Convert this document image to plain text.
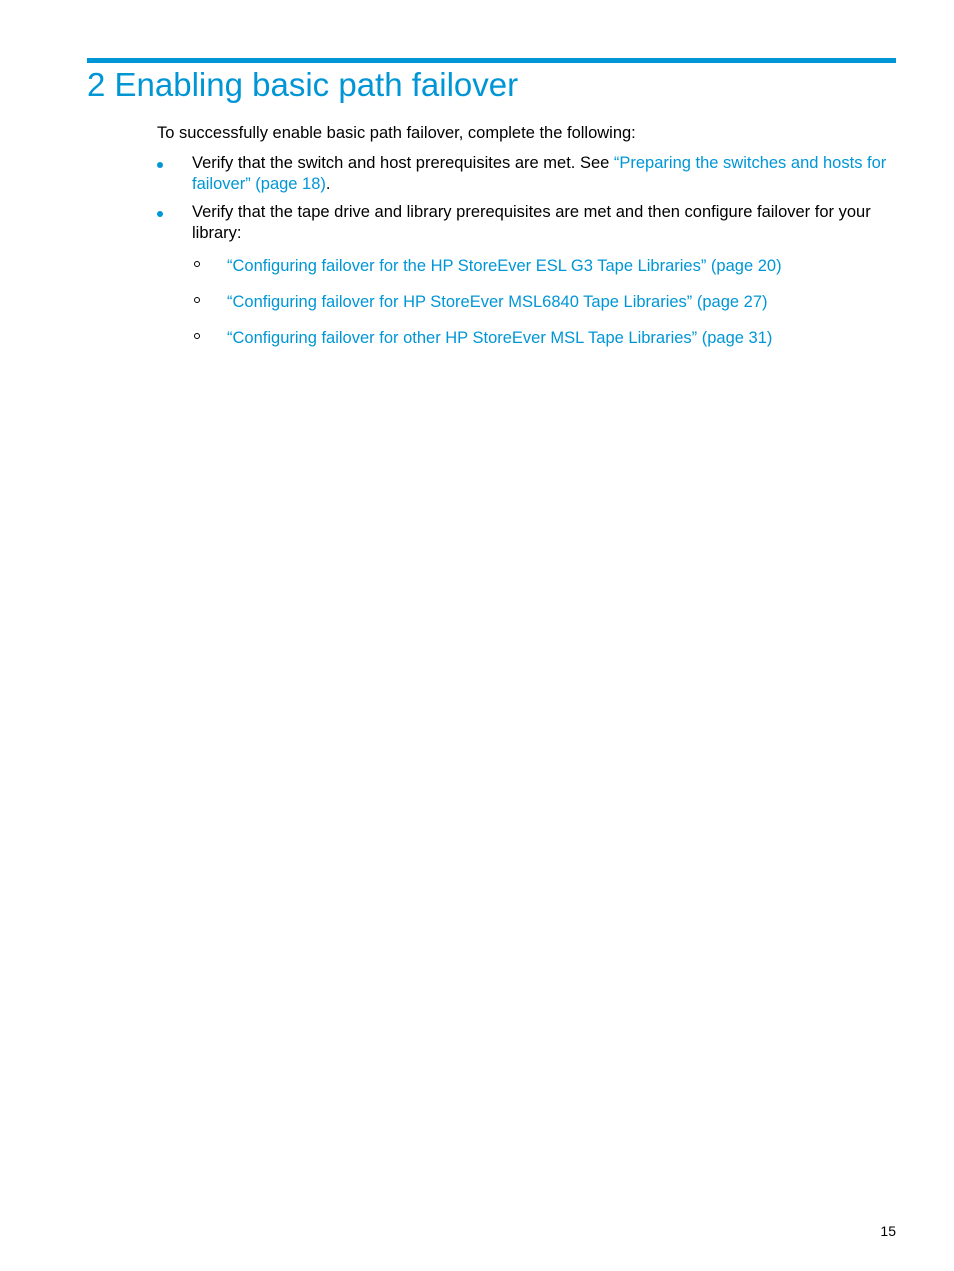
2 Enabling basic path failover

To successfully enable basic path failover, complete the following:

Verify that the switch and host prerequisites are met. See “Preparing the switches and hosts for failover” (page 18).
Verify that the tape drive and library prerequisites are met and then configure failover for your library:
“Configuring failover for the HP StoreEver ESL G3 Tape Libraries” (page 20)
“Configuring failover for HP StoreEver MSL6840 Tape Libraries” (page 27)
“Configuring failover for other HP StoreEver MSL Tape Libraries” (page 31)
15
